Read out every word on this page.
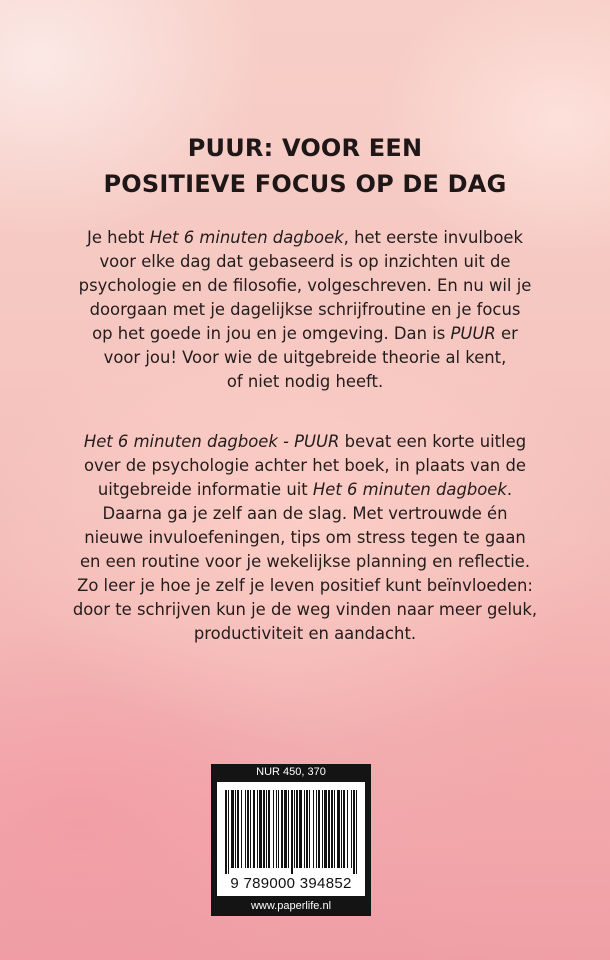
PUUR: VOOR EEN
POSITIEVE FOCUS OP DE DAG
Je hebt Het 6 minuten dagboek, het eerste invulboek
voor elke dag dat gebaseerd is op inzichten uit de
psychologie en de filosofie, volgeschreven. En nu wil je
doorgaan met je dagelijkse schrijfroutine en je focus
op het goede in jou en je omgeving. Dan is PUUR er
voor jou! Voor wie de uitgebreide theorie al kent,
of niet nodig heeft.
Het 6 minuten dagboek - PUUR bevat een korte uitleg
over de psychologie achter het boek, in plaats van de
uitgebreide informatie uit Het 6 minuten dagboek.
Daarna ga je zelf aan de slag. Met vertrouwde én
nieuwe invuloefeningen, tips om stress tegen te gaan
en een routine voor je wekelijkse planning en reflectie.
Zo leer je hoe je zelf je leven positief kunt beïnvloeden:
door te schrijven kun je de weg vinden naar meer geluk,
productiviteit en aandacht.
NUR 450, 370
9 789000 394852
www.paperlife.nl
